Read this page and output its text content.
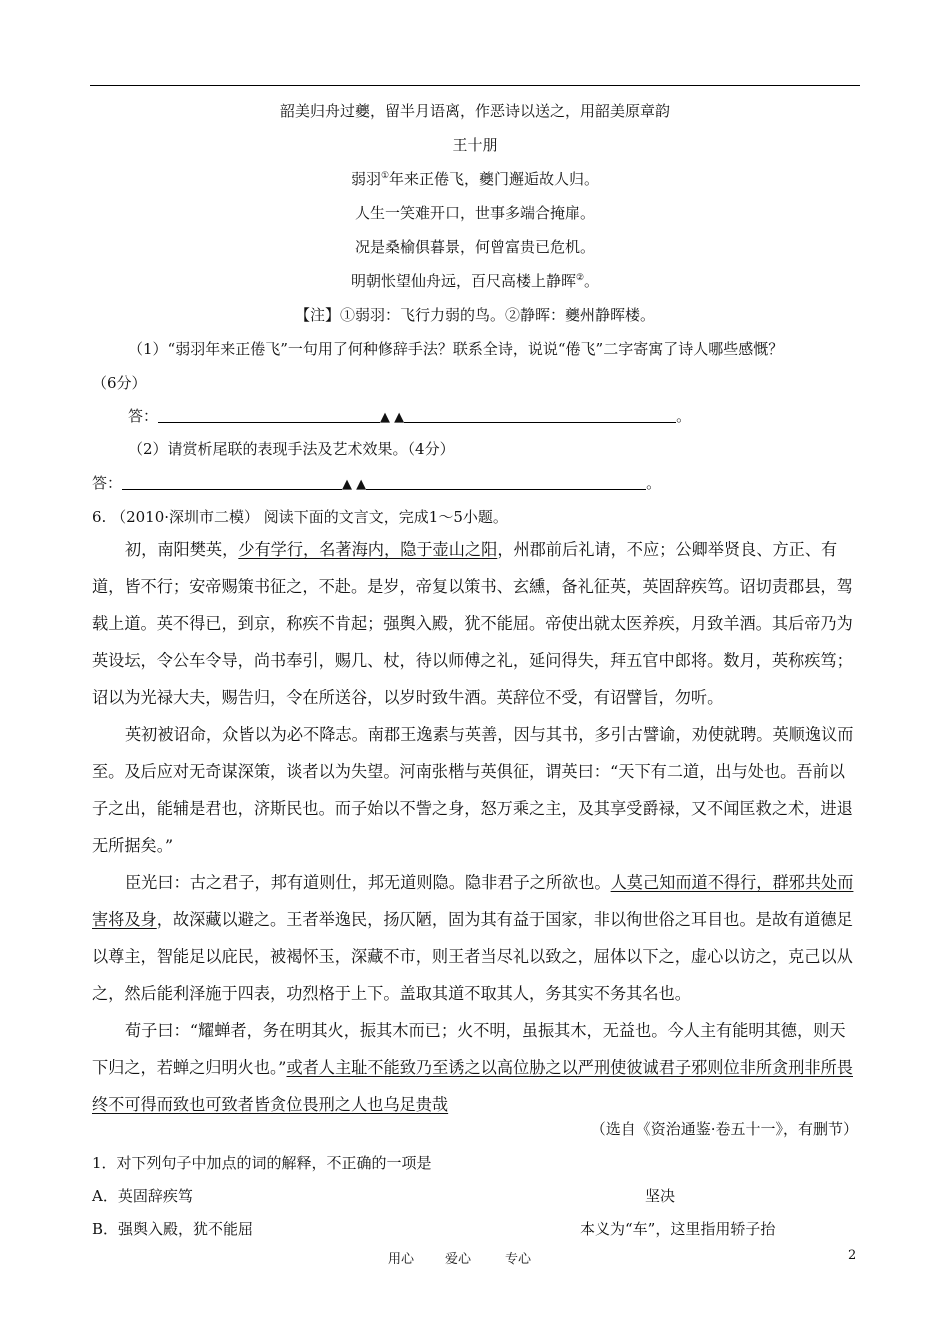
韶美归舟过夔，留半月语离，作恶诗以送之，用韶美原章韵
王十朋
弱羽①年来正倦飞，夔门邂逅故人归。
人生一笑难开口，世事多端合掩扉。
况是桑榆俱暮景，何曾富贵已危机。
明朝怅望仙舟远，百尺高楼上静晖②。
【注】①弱羽：飞行力弱的鸟。②静晖：夔州静晖楼。
（1）“弱羽年来正倦飞”一句用了何种修辞手法？联系全诗，说说“倦飞”二字寄寓了诗人哪些感慨？
（6分）
答：	▲ ▲	。
（2）请赏析尾联的表现手法及艺术效果。（4分）
答：	▲ ▲	。
6. （2010·深圳市二模） 阅读下面的文言文，完成1～5小题。

初，南阳樊英，少有学行，名著海内，隐于壶山之阳，州郡前后礼请，不应；公卿举贤良、方正、有道，皆不行；安帝赐策书征之，不赴。是岁，帝复以策书、玄纁，备礼征英，英固辞疾笃。诏切责郡县，驾载上道。英不得已，到京，称疾不肯起；强舆入殿，犹不能屈。帝使出就太医养疾，月致羊酒。其后帝乃为英设坛，令公车令导，尚书奉引，赐几、杖，待以师傅之礼，延问得失，拜五官中郎将。数月，英称疾笃；诏以为光禄大夫，赐告归，令在所送谷，以岁时致牛酒。英辞位不受，有诏譬旨，勿听。

英初被诏命，众皆以为必不降志。南郡王逸素与英善，因与其书，多引古譬谕，劝使就聘。英顺逸议而至。及后应对无奇谋深策，谈者以为失望。河南张楷与英俱征，谓英曰：“天下有二道，出与处也。吾前以子之出，能辅是君也，济斯民也。而子始以不訾之身，怒万乘之主，及其享受爵禄，又不闻匡救之术，进退无所据矣。”

臣光曰：古之君子，邦有道则仕，邦无道则隐。隐非君子之所欲也。人莫己知而道不得行，群邪共处而害将及身，故深藏以避之。王者举逸民，扬仄陋，固为其有益于国家，非以徇世俗之耳目也。是故有道德足以尊主，智能足以庇民，被褐怀玉，深藏不市，则王者当尽礼以致之，屈体以下之，虚心以访之，克己以从之，然后能利泽施于四表，功烈格于上下。盖取其道不取其人，务其实不务其名也。

荀子曰：“耀蝉者，务在明其火，振其木而已；火不明，虽振其木，无益也。今人主有能明其德，则天下归之，若蝉之归明火也。”或者人主耻不能致乃至诱之以高位胁之以严刑使彼诚君子邪则位非所贪刑非所畏终不可得而致也可致者皆贪位畏刑之人也乌足贵哉

（选自《资治通鉴·卷五十一》，有删节）
1．对下列句子中加点的词的解释，不正确的一项是
A．英固辞疾笃	坚决
B．强舆入殿，犹不能屈	本义为“车”，这里指用轿子抬
用心 爱心	专心	2
